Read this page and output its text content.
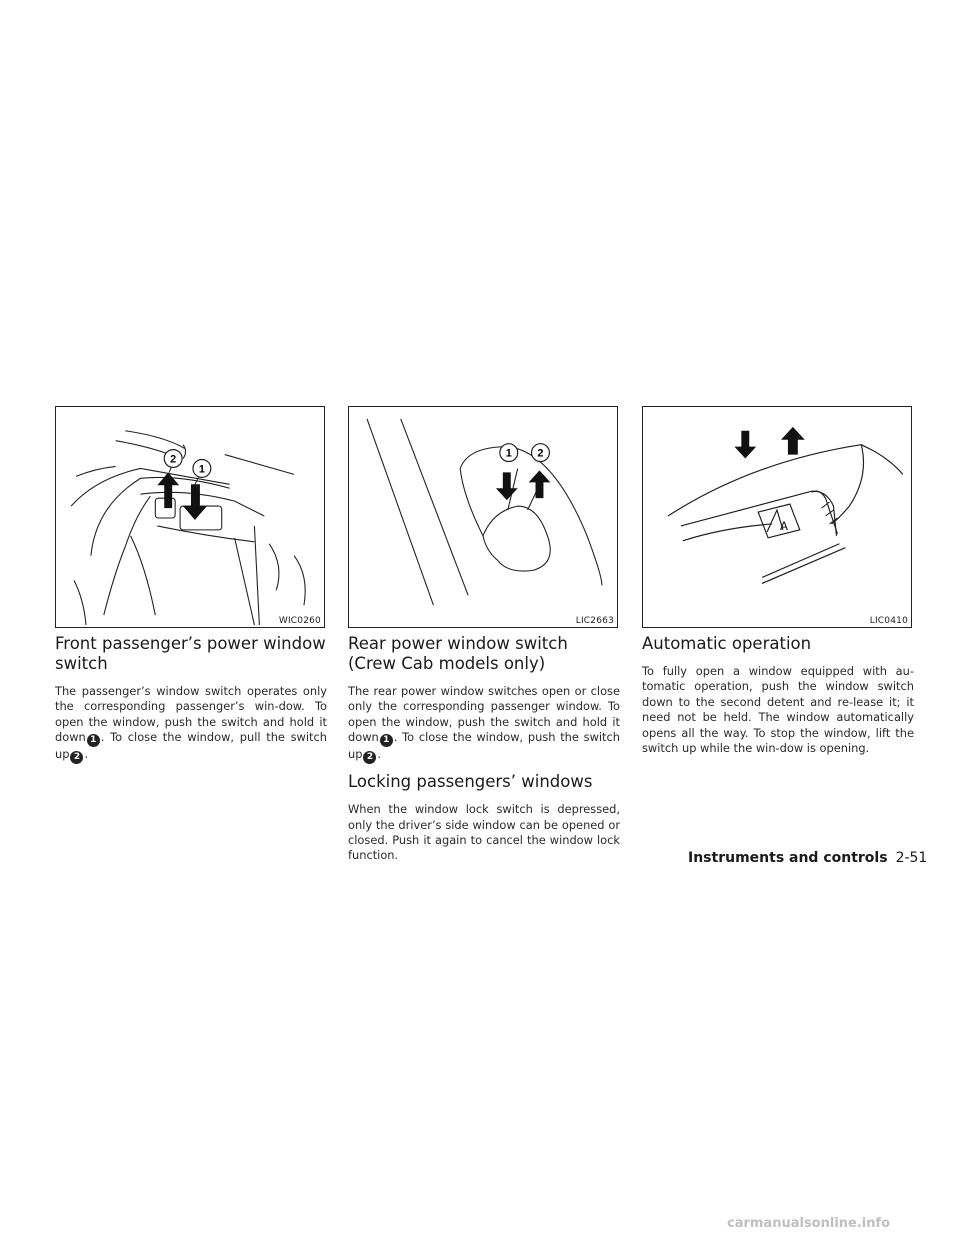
2
1
WIC0260
Front passenger’s power window switch

The passenger’s window switch operates only the corresponding passenger’s win-dow. To open the window, push the switch and hold it down 1 . To close the window, pull the switch up 2 .

1 2
LIC2663
Rear power window switch (Crew Cab models only)

The rear power window switches open or close only the corresponding passenger window. To open the window, push the switch and hold it down 1 . To close the window, push the switch up 2 .

Locking passengers’ windows

When the window lock switch is depressed, only the driver’s side window can be opened or closed. Push it again to cancel the window lock function.

A
LIC0410
Automatic operation

To fully open a window equipped with au-tomatic operation, push the window switch down to the second detent and re-lease it; it need not be held. The window automatically opens all the way. To stop the window, lift the switch up while the win-dow is opening.

Instruments and controls 2-51
carmanualsonline.info
